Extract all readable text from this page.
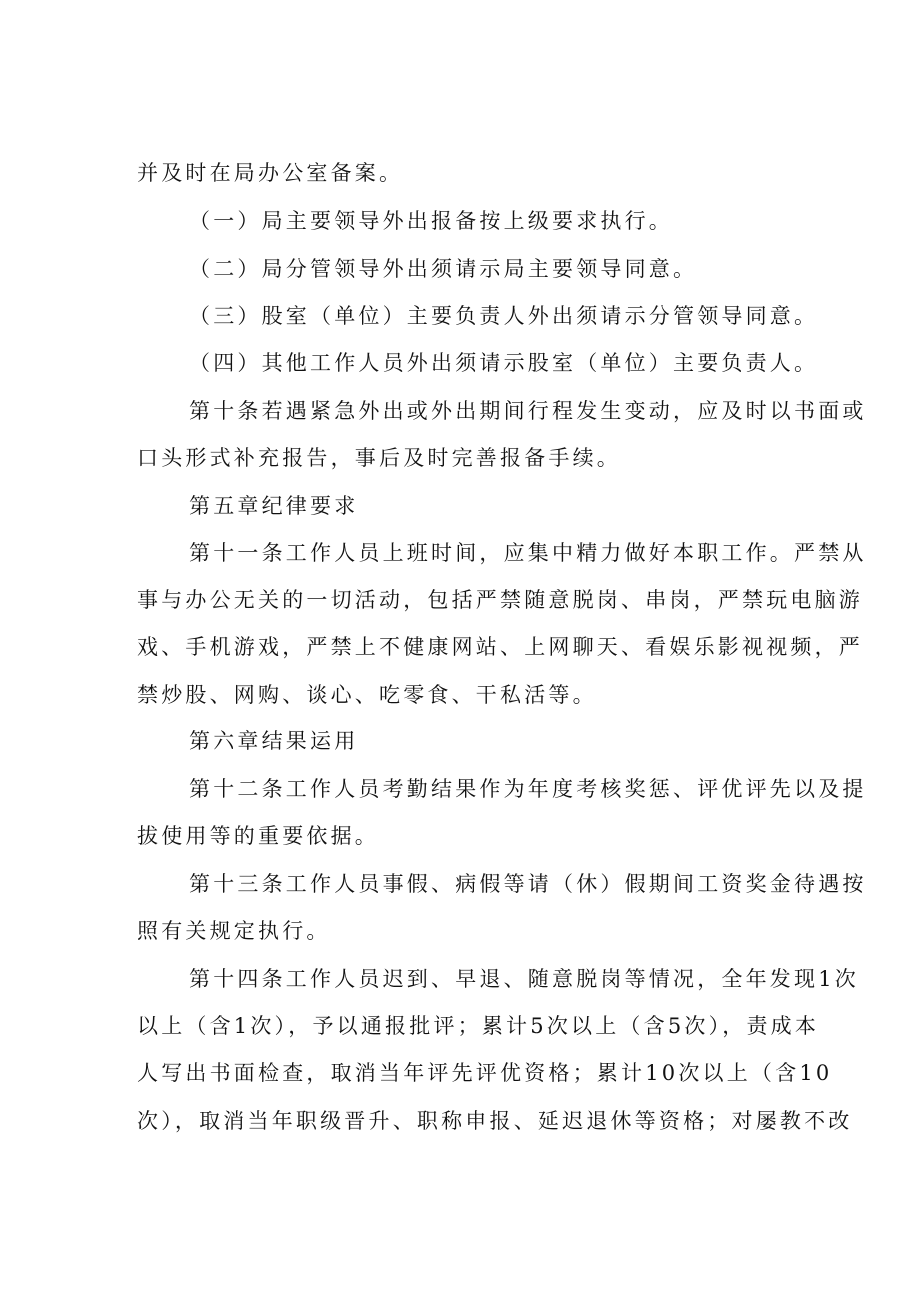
并及时在局办公室备案。
（一）局主要领导外出报备按上级要求执行。
（二）局分管领导外出须请示局主要领导同意。
（三）股室（单位）主要负责人外出须请示分管领导同意。
（四）其他工作人员外出须请示股室（单位）主要负责人。
第十条若遇紧急外出或外出期间行程发生变动，应及时以书面或
口头形式补充报告，事后及时完善报备手续。
第五章纪律要求
第十一条工作人员上班时间，应集中精力做好本职工作。严禁从
事与办公无关的一切活动，包括严禁随意脱岗、串岗，严禁玩电脑游
戏、手机游戏，严禁上不健康网站、上网聊天、看娱乐影视视频，严
禁炒股、网购、谈心、吃零食、干私活等。
第六章结果运用
第十二条工作人员考勤结果作为年度考核奖惩、评优评先以及提
拔使用等的重要依据。
第十三条工作人员事假、病假等请（休）假期间工资奖金待遇按
照有关规定执行。
第十四条工作人员迟到、早退、随意脱岗等情况，全年发现1次
以上（含1次），予以通报批评；累计5次以上（含5次），责成本
人写出书面检查，取消当年评先评优资格；累计10次以上（含10
次），取消当年职级晋升、职称申报、延迟退休等资格；对屡教不改
